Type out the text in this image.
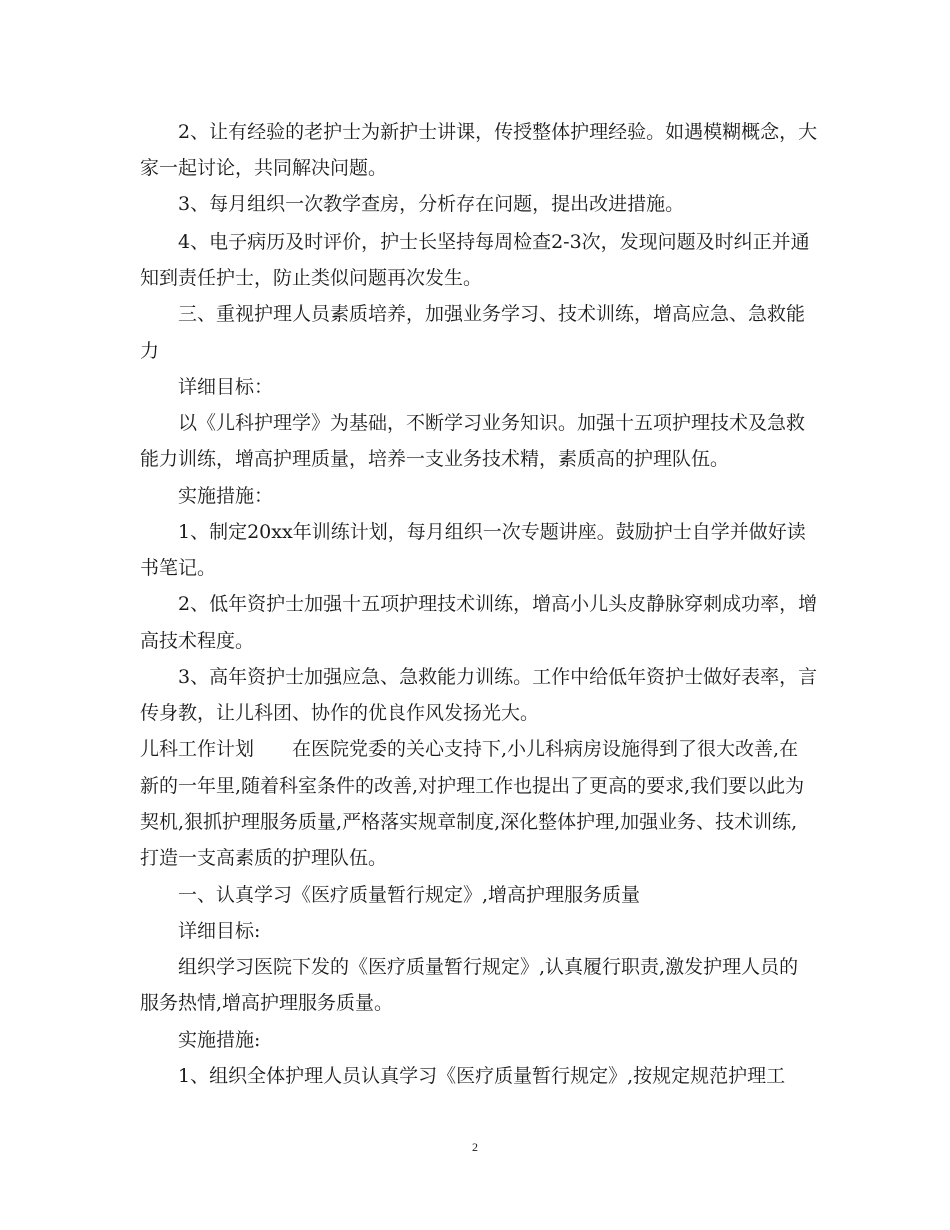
2、让有经验的老护士为新护士讲课，传授整体护理经验。如遇模糊概念，大
家一起讨论，共同解决问题。
3、每月组织一次教学查房，分析存在问题，提出改进措施。
4、电子病历及时评价，护士长坚持每周检查2-3次，发现问题及时纠正并通
知到责任护士，防止类似问题再次发生。
三、重视护理人员素质培养，加强业务学习、技术训练，增高应急、急救能
力
详细目标：
以《儿科护理学》为基础，不断学习业务知识。加强十五项护理技术及急救
能力训练，增高护理质量，培养一支业务技术精，素质高的护理队伍。
实施措施：
1、制定20xx年训练计划，每月组织一次专题讲座。鼓励护士自学并做好读
书笔记。
2、低年资护士加强十五项护理技术训练，增高小儿头皮静脉穿刺成功率，增
高技术程度。
3、高年资护士加强应急、急救能力训练。工作中给低年资护士做好表率，言
传身教，让儿科团、协作的优良作风发扬光大。
儿科工作计划 在医院党委的关心支持下,小儿科病房设施得到了很大改善,在
新的一年里,随着科室条件的改善,对护理工作也提出了更高的要求,我们要以此为
契机,狠抓护理服务质量,严格落实规章制度,深化整体护理,加强业务、技术训练,
打造一支高素质的护理队伍。
一、认真学习《医疗质量暂行规定》,增高护理服务质量
详细目标:
组织学习医院下发的《医疗质量暂行规定》,认真履行职责,激发护理人员的
服务热情,增高护理服务质量。
实施措施:
1、组织全体护理人员认真学习《医疗质量暂行规定》,按规定规范护理工
2
